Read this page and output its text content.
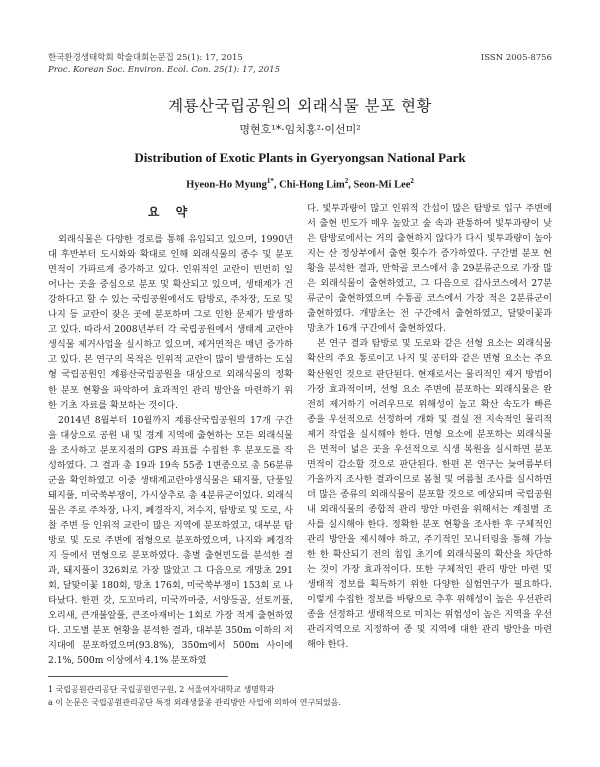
한국환경생태학회 학술대회논문집 25(1): 17, 2015	ISSN 2005-8756
Proc. Korean Soc. Environ. Ecol. Con. 25(1): 17, 2015
계룡산국립공원의 외래식물 분포 현황
명현호¹*·임치홍²·이선미²
Distribution of Exotic Plants in Gyeryongsan National Park
Hyeon-Ho Myung$^{1*}$, Chi-Hong Lim$^2$, Seon-Mi Lee$^2$
요 약

외래식물은 다양한 경로를 통해 유입되고 있으며, 1990년대 후반부터 도시화와 확대로 인해 외래식물의 종수 및 분포면적이 가파르게 증가하고 있다. 인위적인 교란이 빈번히 일어나는 곳을 중심으로 분포 및 확산되고 있으며, 생태계가 건강하다고 할 수 있는 국립공원에서도 탐방로, 주차장, 도로 및 나지 등 교란이 잦은 곳에 분포하며 그로 인한 문제가 발생하고 있다. 따라서 2008년부터 각 국립공원에서 생태계 교란야생식물 제거사업을 실시하고 있으며, 제거면적은 매년 증가하고 있다. 본 연구의 목적은 인위적 교란이 많이 발생하는 도심형 국립공원인 계룡산국립공원을 대상으로 외래식물의 정확한 분포 현황을 파악하여 효과적인 관리 방안을 마련하기 위한 기초 자료를 확보하는 것이다.

2014년 8월부터 10월까지 계룡산국립공원의 17개 구간을 대상으로 공원 내 및 경계 지역에 출현하는 모든 외래식물을 조사하고 분포지점의 GPS 좌표를 수집한 후 분포도를 작성하였다. 그 결과 총 19과 19속 55종 1변종으로 총 56분류군을 확인하였고 이중 생태계교란야생식물은 돼지풀, 단풍잎돼지풀, 미국쑥부쟁이, 가시상추로 총 4분류군이었다. 외래식물은 주로 주차장, 나지, 폐경작지, 저수지, 탐방로 및 도로, 사찰 주변 등 인위적 교란이 많은 지역에 분포하였고, 대부분 탐방로 및 도로 주변에 점형으로 분포하였으며, 나지와 폐경작지 등에서 면형으로 분포하였다. 총별 출현빈도를 분석한 결과, 돼지풀이 326회로 가장 많았고 그 다음으로 개망초 291회, 달맞이꽃 180회, 망초 176회, 미국쑥부쟁이 153회 로 나타났다. 한편 갓, 도꼬마리, 미국까마중, 서양등골, 선토끼풀, 오리새, 큰개불알풀, 큰조아재비는 1회로 가장 적게 출현하였다. 고도별 분포 현황을 분석한 결과, 대부분 350m 이하의 저지대에 분포하였으며(93.8%), 350m에서 500m 사이에 2.1%, 500m 이상에서 4.1% 분포하였

다. 빛투과량이 많고 인위적 간섭이 많은 탐방로 입구 주변에서 출현 빈도가 매우 높았고 숲 속과 관통하여 빛투과량이 낮은 탐방로에서는 거의 출현하지 않다가 다시 빛투과량이 높아지는 산 정상부에서 출현 횟수가 증가하였다. 구간별 분포 현황을 분석한 결과, 만학골 코스에서 총 29분류군으로 가장 많은 외래식물이 출현하였고, 그 다음으로 갑사코스에서 27분류군이 출현하였으며 수통골 코스에서 가장 적은 2분류군이 출현하였다. 개망초는 전 구간에서 출현하였고, 달맞이꽃과 망초가 16개 구간에서 출현하였다.

본 연구 결과 탐방로 및 도로와 같은 선형 요소는 외래식물 확산의 주요 통로이고 나지 및 공터와 같은 면형 요소는 주요 확산원인 것으로 판단된다. 현재로서는 물리적인 제거 방법이 가장 효과적이며, 선형 요소 주변에 분포하는 외래식물은 완전히 제거하기 어려우므로 위해성이 높고 확산 속도가 빠른 종을 우선적으로 선정하여 개화 및 결실 전 지속적인 물리적 제거 작업을 실시해야 한다. 면형 요소에 분포하는 외래식물은 면적이 넓은 곳을 우선적으로 식생 복원을 실시하면 분포 면적이 감소할 것으로 판단된다. 한편 본 연구는 늦여름부터 가을까지 조사한 결과이므로 봄철 및 여름철 조사를 실시하면 더 많은 종류의 외래식물이 분포할 것으로 예상되며 국립공원 내 외래식물의 종합적 관리 방안 마련을 위해서는 계절별 조사를 실시해야 한다. 정확한 분포 현황을 조사한 후 구체적인 관리 방안을 제시해야 하고, 주기적인 모니터링을 통해 가능한 한 확산되기 전의 침입 초기에 외래식물의 확산을 차단하는 것이 가장 효과적이다. 또한 구체적인 관리 방안 마련 및 생태적 정보를 획득하기 위한 다양한 실험연구가 필요하다. 이렇게 수집한 정보를 바탕으로 추후 위해성이 높은 우선관리종을 선정하고 생태적으로 미치는 위험성이 높은 지역을 우선관리지역으로 지정하여 종 및 지역에 대한 관리 방안을 마련해야 한다.

1 국립공원관리공단 국립공원연구원, 2 서울여자대학교 생명학과
a 이 논문은 국립공원관리공단 특정 외래생물종 관리방안 사업에 의하여 연구되었음.
